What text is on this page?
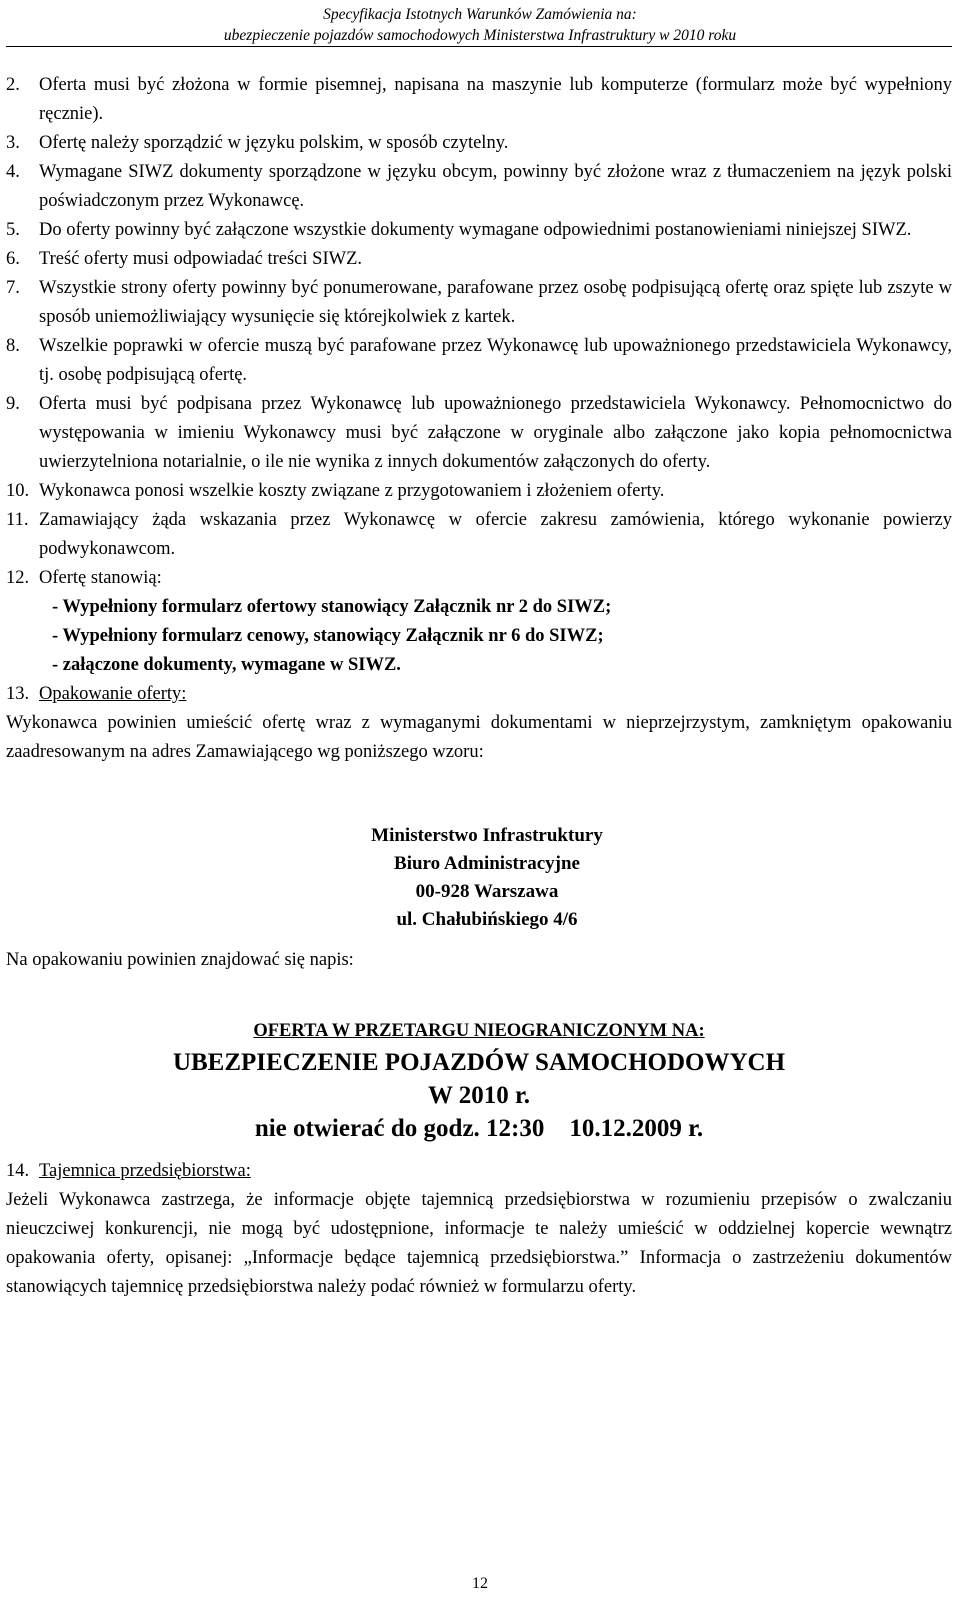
Specyfikacja Istotnych Warunków Zamówienia na:
ubezpieczenie pojazdów samochodowych Ministerstwa Infrastruktury w 2010 roku
2.	Oferta musi być złożona w formie pisemnej, napisana na maszynie lub komputerze (formularz może być wypełniony ręcznie).
3.	Ofertę należy sporządzić w języku polskim, w sposób czytelny.
4.	Wymagane SIWZ dokumenty sporządzone w języku obcym, powinny być złożone wraz z tłumaczeniem na język polski poświadczonym przez Wykonawcę.
5.	Do oferty powinny być załączone wszystkie dokumenty wymagane odpowiednimi postanowieniami niniejszej SIWZ.
6.	Treść oferty musi odpowiadać treści SIWZ.
7.	Wszystkie strony oferty powinny być ponumerowane, parafowane przez osobę podpisującą ofertę oraz spięte lub zszyte w sposób uniemożliwiający wysunięcie się którejkolwiek z kartek.
8.	Wszelkie poprawki w ofercie muszą być parafowane przez Wykonawcę lub upoważnionego przedstawiciela Wykonawcy, tj. osobę podpisującą ofertę.
9.	Oferta musi być podpisana przez Wykonawcę lub upoważnionego przedstawiciela Wykonawcy. Pełnomocnictwo do występowania w imieniu Wykonawcy musi być załączone w oryginale albo załączone jako kopia pełnomocnictwa uwierzytelniona notarialnie, o ile nie wynika z innych dokumentów załączonych do oferty.
10. Wykonawca ponosi wszelkie koszty związane z przygotowaniem i złożeniem oferty.
11. Zamawiający żąda wskazania przez Wykonawcę w ofercie zakresu zamówienia, którego wykonanie powierzy podwykonawcom.
12. Ofertę stanowią:
- Wypełniony formularz ofertowy stanowiący Załącznik nr 2 do SIWZ;
- Wypełniony formularz cenowy, stanowiący Załącznik nr 6 do SIWZ;
- załączone dokumenty, wymagane w SIWZ.
13. Opakowanie oferty:
Wykonawca powinien umieścić ofertę wraz z wymaganymi dokumentami w nieprzejrzystym, zamkniętym opakowaniu zaadresowanym na adres Zamawiającego wg poniższego wzoru:
Ministerstwo Infrastruktury
Biuro Administracyjne
00-928 Warszawa
ul. Chałubińskiego 4/6
Na opakowaniu powinien znajdować się napis:
OFERTA W PRZETARGU NIEOGRANICZONYM NA:
UBEZPIECZENIE POJAZDÓW SAMOCHODOWYCH
W 2010 r.
nie otwierać do godz. 12:30    10.12.2009 r.
14. Tajemnica przedsiębiorstwa:
Jeżeli Wykonawca zastrzega, że informacje objęte tajemnicą przedsiębiorstwa w rozumieniu przepisów o zwalczaniu nieuczciwej konkurencji, nie mogą być udostępnione, informacje te należy umieścić w oddzielnej kopercie wewnątrz opakowania oferty, opisanej: „Informacje będące tajemnicą przedsiębiorstwa.” Informacja o zastrzeżeniu dokumentów stanowiących tajemnicę przedsiębiorstwa należy podać również w formularzu oferty.
12
